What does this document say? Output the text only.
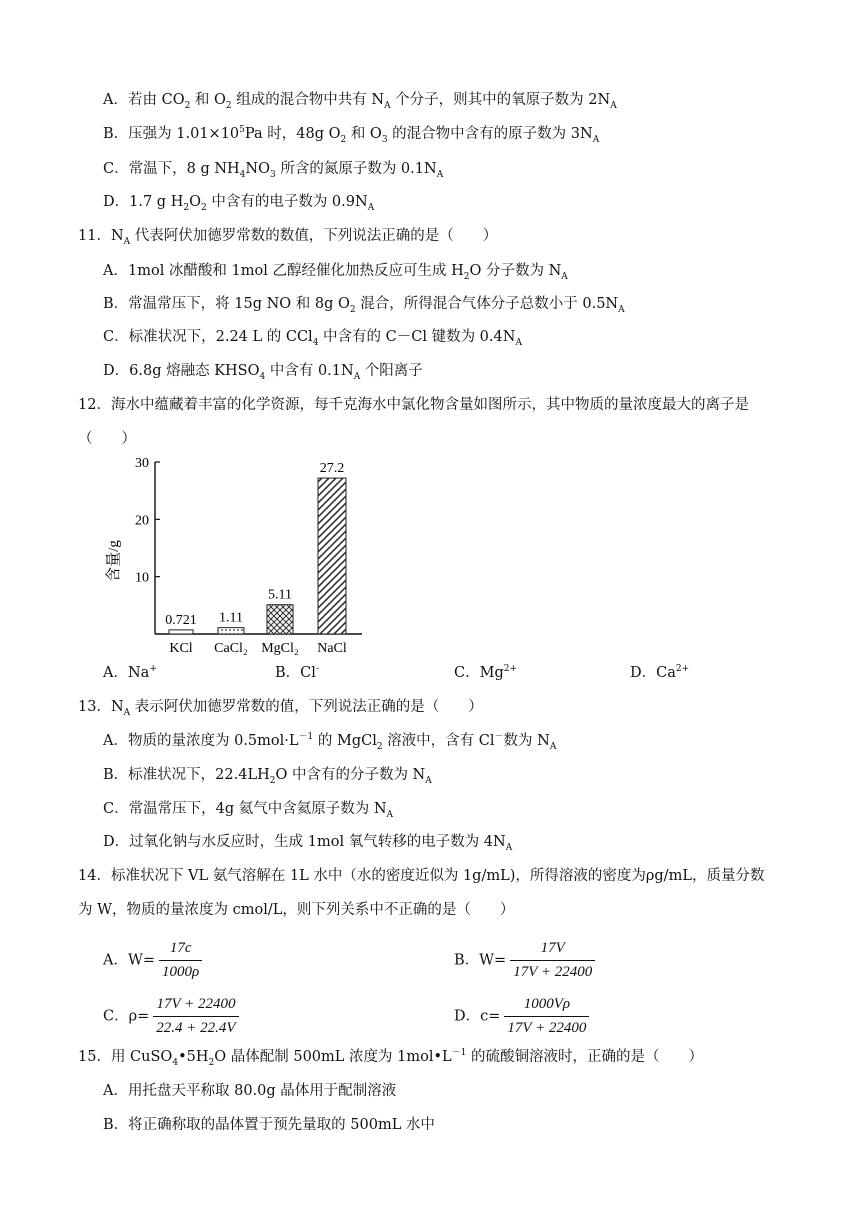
A．若由 $CO_2$ 和 $O_2$ 组成的混合物中共有 $N_A$ 个分子，则其中的氧原子数为 $2N_A$
B．压强为 $1.01\times 10^5Pa$ 时，48g $O_2$ 和 $O_3$ 的混合物中含有的原子数为 $3N_A$
C．常温下，8 g $NH_4NO_3$ 所含的氮原子数为 $0.1N_A$
D．1.7 g $H_2O_2$ 中含有的电子数为 $0.9N_A$
11．$N_A$ 代表阿伏加德罗常数的数值，下列说法正确的是（　　）
A．1mol 冰醋酸和 1mol 乙醇经催化加热反应可生成 $H_2O$ 分子数为 $N_A$
B．常温常压下，将 15g NO 和 8g $O_2$ 混合，所得混合气体分子总数小于 $0.5N_A$
C．标准状况下，2.24 L 的 CCl$_4$ 中含有的 C－Cl 键数为 $0.4N_A$
D．6.8g 熔融态 $KHSO_4$ 中含有 $0.1N_A$ 个阳离子
12．海水中蕴藏着丰富的化学资源，每千克海水中氯化物含量如图所示，其中物质的量浓度最大的离子是
（　　）
10
20
30
0.721
KCl
1.11
CaCl₂
5.11
MgCl₂
27.2
NaCl
含量/g
A．Na+	B．Cl-	C．$Mg^{2+}$	D．$Ca^{2+}$
13．$N_A$ 表示阿伏加德罗常数的值，下列说法正确的是（　　）
A．物质的量浓度为 $0.5mol\cdot L^{-1}$ 的 MgCl$_2$ 溶液中，含有 Cl－数为 $N_A$
B．标准状况下，$22.4LH_2O$ 中含有的分子数为 $N_A$
C．常温常压下，4g 氦气中含氦原子数为 $N_A$
D．过氧化钠与水反应时，生成 1mol 氧气转移的电子数为 $4N_A$
14．标准状况下 VL 氨气溶解在 1L 水中（水的密度近似为 1g/mL)，所得溶液的密度为ρg/mL，质量分数
为 W，物质的量浓度为 cmol/L，则下列关系中不正确的是（　　）
A．$W= \frac{17c}{1000\rho}$	B．$W= \frac{17V}{17V + 22400}$
C．$\rho= \frac{17V + 22400}{22.4 + 22.4V}$	D．$c= \frac{1000V\rho}{17V + 22400}$
15．用 $CuSO_4•5H_2O$ 晶体配制 500mL 浓度为 $1mol•L^{-1}$ 的硫酸铜溶液时，正确的是（　　）
A．用托盘天平称取 80.0g 晶体用于配制溶液
B．将正确称取的晶体置于预先量取的 500mL 水中
